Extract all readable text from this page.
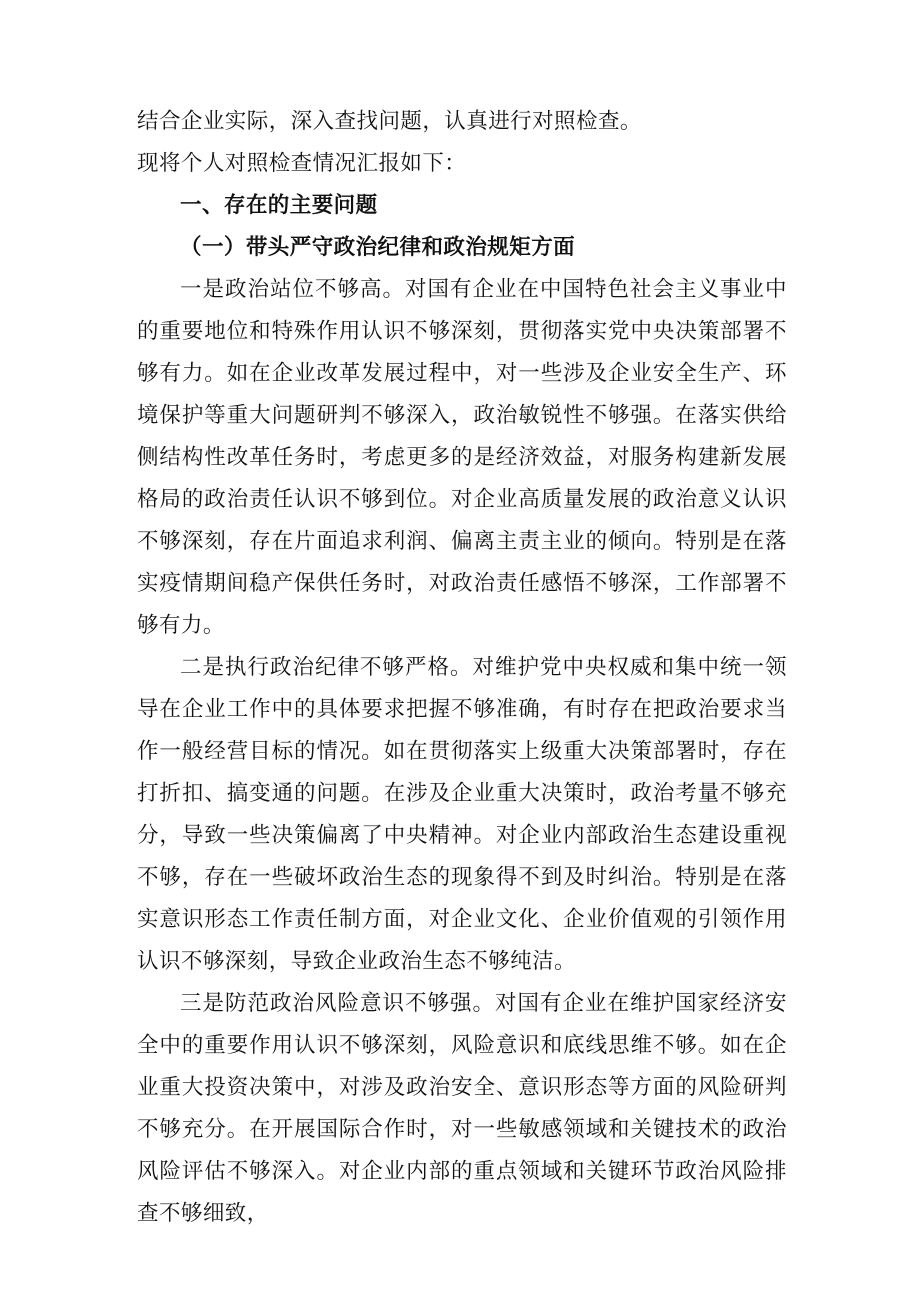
结合企业实际，深入查找问题，认真进行对照检查。

现将个人对照检查情况汇报如下：

一、存在的主要问题

（一）带头严守政治纪律和政治规矩方面

一是政治站位不够高。对国有企业在中国特色社会主义事业中的重要地位和特殊作用认识不够深刻，贯彻落实党中央决策部署不够有力。如在企业改革发展过程中，对一些涉及企业安全生产、环境保护等重大问题研判不够深入，政治敏锐性不够强。在落实供给侧结构性改革任务时，考虑更多的是经济效益，对服务构建新发展格局的政治责任认识不够到位。对企业高质量发展的政治意义认识不够深刻，存在片面追求利润、偏离主责主业的倾向。特别是在落实疫情期间稳产保供任务时，对政治责任感悟不够深，工作部署不够有力。

二是执行政治纪律不够严格。对维护党中央权威和集中统一领导在企业工作中的具体要求把握不够准确，有时存在把政治要求当作一般经营目标的情况。如在贯彻落实上级重大决策部署时，存在打折扣、搞变通的问题。在涉及企业重大决策时，政治考量不够充分，导致一些决策偏离了中央精神。对企业内部政治生态建设重视不够，存在一些破坏政治生态的现象得不到及时纠治。特别是在落实意识形态工作责任制方面，对企业文化、企业价值观的引领作用认识不够深刻，导致企业政治生态不够纯洁。

三是防范政治风险意识不够强。对国有企业在维护国家经济安全中的重要作用认识不够深刻，风险意识和底线思维不够。如在企业重大投资决策中，对涉及政治安全、意识形态等方面的风险研判不够充分。在开展国际合作时，对一些敏感领域和关键技术的政治风险评估不够深入。对企业内部的重点领域和关键环节政治风险排查不够细致，
